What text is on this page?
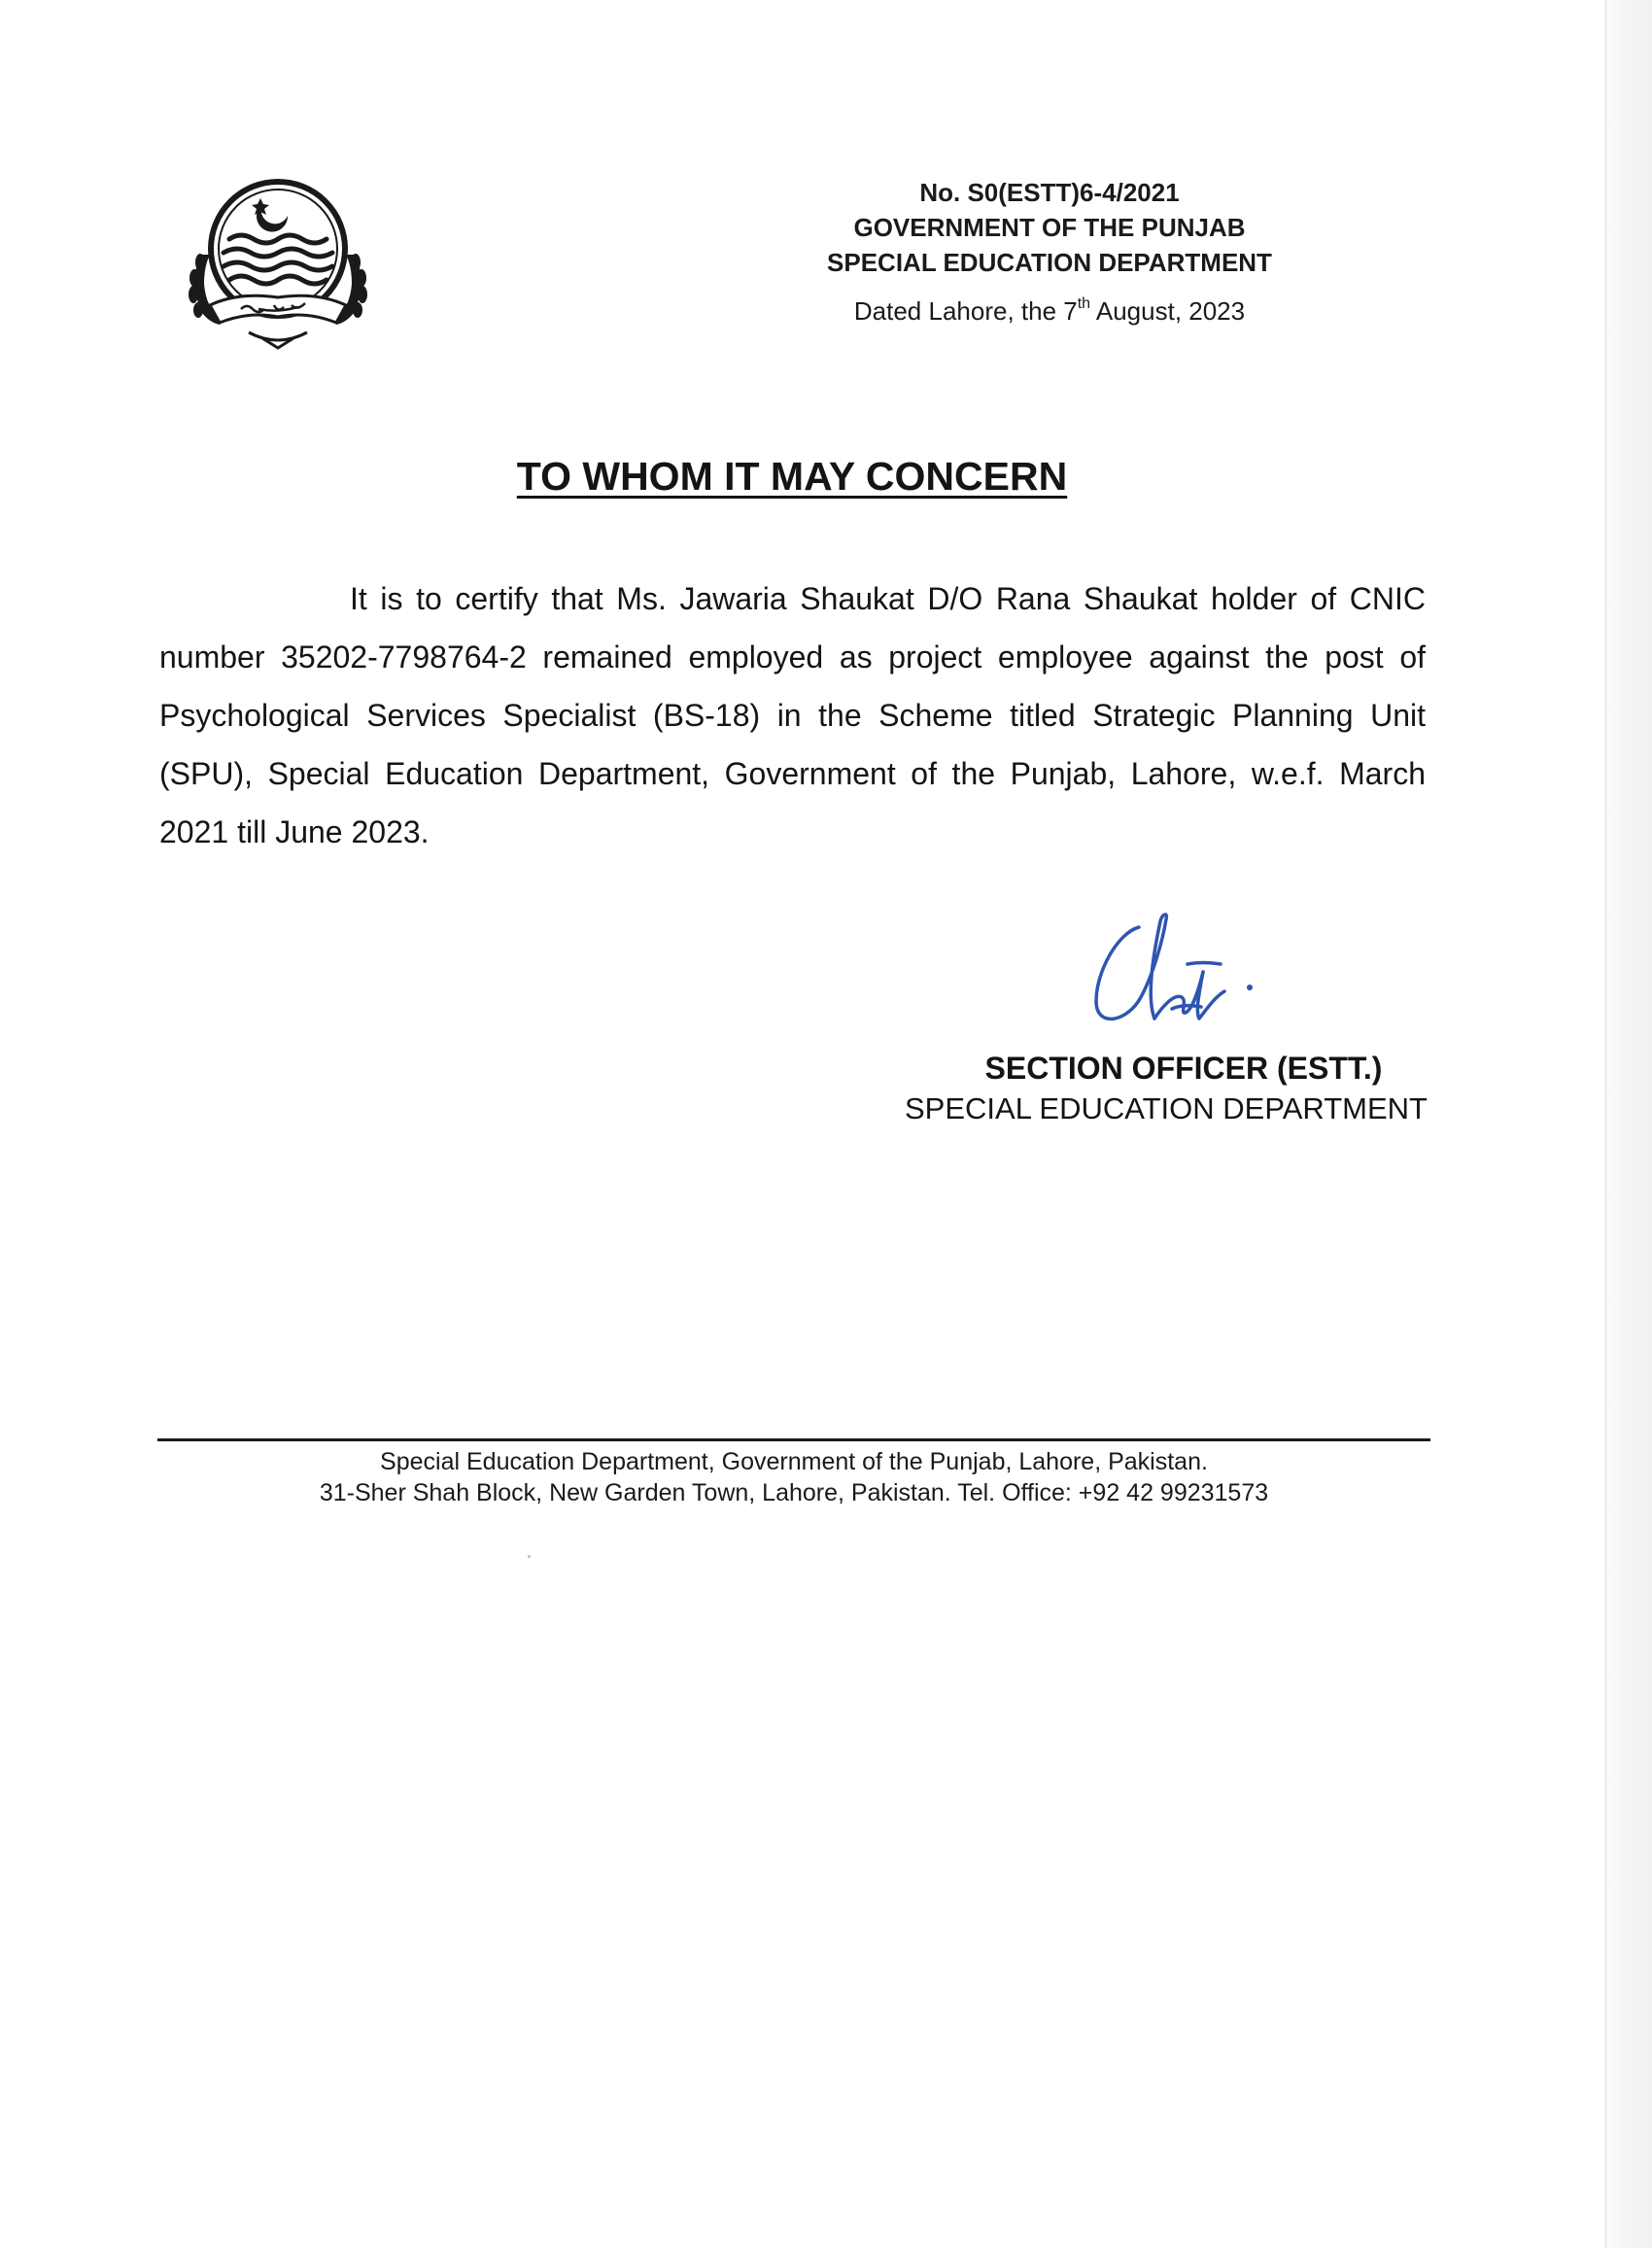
No. S0(ESTT)6-4/2021
GOVERNMENT OF THE PUNJAB
SPECIAL EDUCATION DEPARTMENT
Dated Lahore, the 7th August, 2023
TO WHOM IT MAY CONCERN
It is to certify that Ms. Jawaria Shaukat D/O Rana Shaukat holder of CNIC
number 35202-7798764-2 remained employed as project employee against the post of
Psychological Services Specialist (BS-18) in the Scheme titled Strategic Planning Unit
(SPU), Special Education Department, Government of the Punjab, Lahore, w.e.f. March
2021 till June 2023.
SECTION OFFICER (ESTT.)
SPECIAL EDUCATION DEPARTMENT
Special Education Department, Government of the Punjab, Lahore, Pakistan.
31-Sher Shah Block, New Garden Town, Lahore, Pakistan. Tel. Office: +92 42 99231573
